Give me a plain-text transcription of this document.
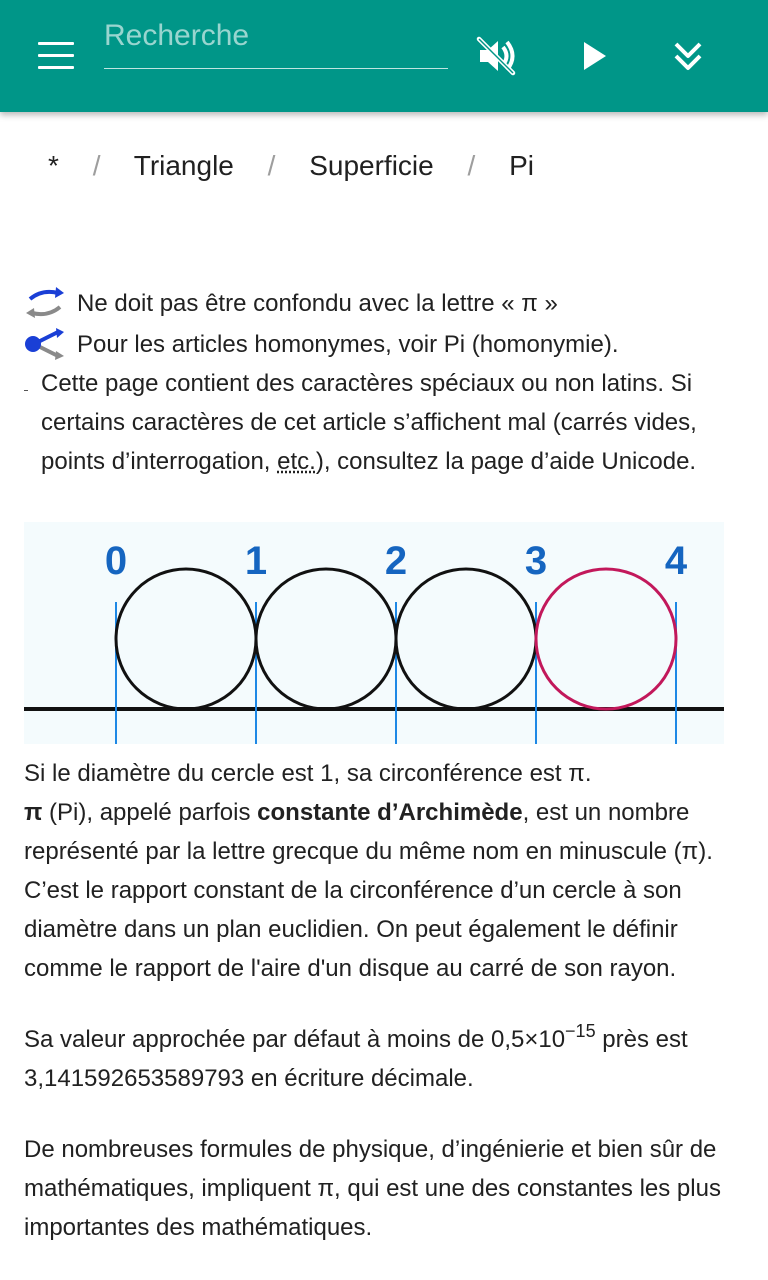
Recherche
* / Triangle / Superficie / Pi
Ne doit pas être confondu avec la lettre « π »
Pour les articles homonymes, voir Pi (homonymie).
Cette page contient des caractères spéciaux ou non latins. Si certains caractères de cet article s’affichent mal (carrés vides, points d’interrogation, etc.), consultez la page d’aide Unicode.
0	1	2	3	4

Si le diamètre du cercle est 1, sa circonférence est π.

π (Pi), appelé parfois constante d’Archimède, est un nombre représenté par la lettre grecque du même nom en minuscule (π). C’est le rapport constant de la circonférence d’un cercle à son diamètre dans un plan euclidien. On peut également le définir comme le rapport de l'aire d'un disque au carré de son rayon.

Sa valeur approchée par défaut à moins de $0,5\times 10^{-15}$ près est 3,141592653589793 en écriture décimale.

De nombreuses formules de physique, d’ingénierie et bien sûr de mathématiques, impliquent π, qui est une des constantes les plus importantes des mathématiques.
